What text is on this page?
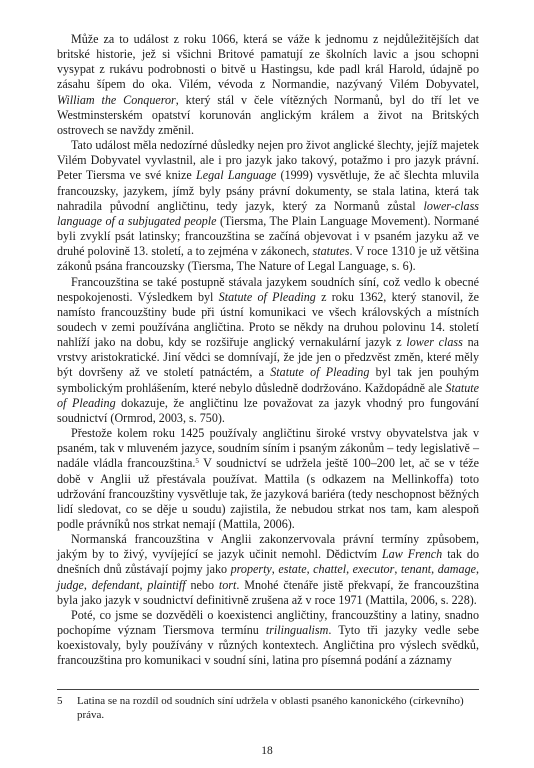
Může za to událost z roku 1066, která se váže k jednomu z nejdůležitějších dat britské historie, jež si všichni Britové pamatují ze školních lavic a jsou schopni vysypat z rukávu podrobnosti o bitvě u Hastingsu, kde padl král Harold, údajně po zásahu šípem do oka. Vilém, vévoda z Normandie, nazývaný Vilém Dobyvatel, William the Conqueror, který stál v čele vítězných Normanů, byl do tří let ve Westminsterském opatství korunován anglickým králem a život na Britských ostrovech se navždy změnil.

Tato událost měla nedozírné důsledky nejen pro život anglické šlechty, jejíž majetek Vilém Dobyvatel vyvlastnil, ale i pro jazyk jako takový, potažmo i pro jazyk právní. Peter Tiersma ve své knize Legal Language (1999) vysvětluje, že ač šlechta mluvila francouzsky, jazykem, jímž byly psány právní dokumenty, se stala latina, která tak nahradila původní angličtinu, tedy jazyk, který za Normanů zůstal lower-class language of a subjugated people (Tiersma, The Plain Language Movement). Normané byli zvyklí psát latinsky; francouzština se začíná objevovat i v psaném jazyku až ve druhé polovině 13. století, a to zejména v zákonech, statutes. V roce 1310 je už většina zákonů psána francouzsky (Tiersma, The Nature of Legal Language, s. 6).

Francouzština se také postupně stávala jazykem soudních síní, což vedlo k obecné nespokojenosti. Výsledkem byl Statute of Pleading z roku 1362, který stanovil, že namísto francouzštiny bude při ústní komunikaci ve všech královských a místních soudech v zemi používána angličtina. Proto se někdy na druhou polovinu 14. století nahlíží jako na dobu, kdy se rozšiřuje anglický vernakulární jazyk z lower class na vrstvy aristokratické. Jiní vědci se domnívají, že jde jen o předzvěst změn, které měly být dovršeny až ve století patnáctém, a Statute of Pleading byl tak jen pouhým symbolickým prohlášením, které nebylo důsledně dodržováno. Každopádně ale Statute of Pleading dokazuje, že angličtinu lze považovat za jazyk vhodný pro fungování soudnictví (Ormrod, 2003, s. 750).

Přestože kolem roku 1425 používaly angličtinu široké vrstvy obyvatelstva jak v psaném, tak v mluveném jazyce, soudním síním i psaným zákonům – tedy legislativě – nadále vládla francouzština.$^5$ V soudnictví se udržela ještě 100–200 let, ač se v téže době v Anglii už přestávala používat. Mattila (s odkazem na Mellinkoffa) toto udržování francouzštiny vysvětluje tak, že jazyková bariéra (tedy neschopnost běžných lidí sledovat, co se děje u soudu) zajistila, že nebudou strkat nos tam, kam alespoň podle právníků nos strkat nemají (Mattila, 2006).

Normanská francouzština v Anglii zakonzervovala právní termíny způsobem, jakým by to živý, vyvíjející se jazyk učinit nemohl. Dědictvím Law French tak do dnešních dnů zůstávají pojmy jako property, estate, chattel, executor, tenant, damage, judge, defendant, plaintiff nebo tort. Mnohé čtenáře jistě překvapí, že francouzština byla jako jazyk v soudnictví definitivně zrušena až v roce 1971 (Mattila, 2006, s. 228).

Poté, co jsme se dozvěděli o koexistenci angličtiny, francouzštiny a latiny, snadno pochopíme význam Tiersmova termínu trilingualism. Tyto tři jazyky vedle sebe koexistovaly, byly používány v různých kontextech. Angličtina pro výslech svědků, francouzština pro komunikaci v soudní síni, latina pro písemná podání a záznamy

5	Latina se na rozdíl od soudních síní udržela v oblasti psaného kanonického (církevního) práva.
18
